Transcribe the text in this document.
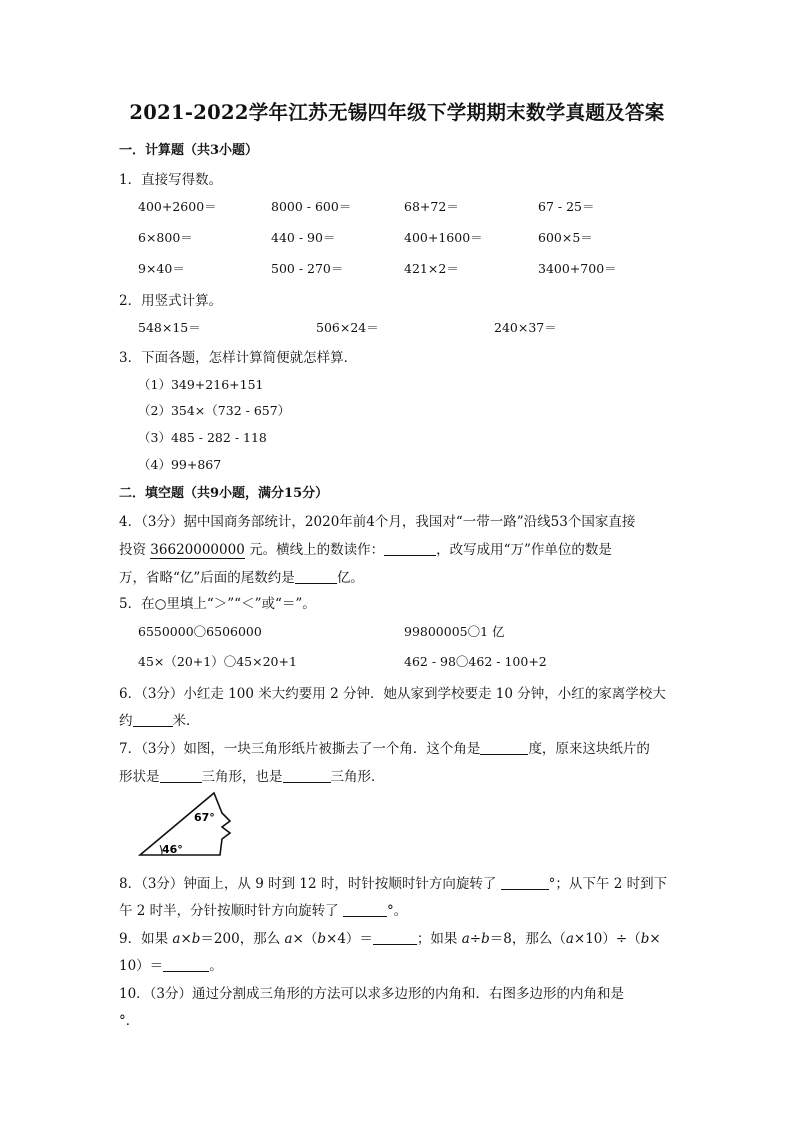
2021-2022学年江苏无锡四年级下学期期末数学真题及答案
一．计算题（共3小题）
1．直接写得数。
400+2600＝	8000 - 600＝	68+72＝	67 - 25＝
6×800＝	440 - 90＝	400+1600＝	600×5＝
9×40＝	500 - 270＝	421×2＝	3400+700＝
2．用竖式计算。
548×15＝	506×24＝	240×37＝
3．下面各题，怎样计算简便就怎样算．
（1）349+216+151
（2）354×（732 - 657）
（3）485 - 282 - 118
（4）99+867
二．填空题（共9小题，满分15分）
4．（3分）据中国商务部统计，2020年前4个月，我国对“一带一路”沿线53个国家直接
投资 36620000000 元。横线上的数读作：	，改写成用“万”作单位的数是
万，省略“亿”后面的尾数约是	亿。
5．在○里填上“＞”“＜”或“＝”。
6550000〇6506000	99800005〇1 亿
45×（20+1）〇45×20+1	462 - 98〇462 - 100+2
6．（3分）小红走 100 米大约要用 2 分钟．她从家到学校要走 10 分钟，小红的家离学校大
约	米．
7．（3分）如图，一块三角形纸片被撕去了一个角．这个角是	度，原来这块纸片的
形状是	三角形，也是	三角形．
67°
46°
8．（3分）钟面上，从 9 时到 12 时，时针按顺时针方向旋转了	°；从下午 2 时到下
午 2 时半，分针按顺时针方向旋转了	°。
9．如果 a×b＝200，那么 a×（b×4）＝	；如果 a÷b＝8，那么（a×10）÷（b×
10）＝	。
10．（3分）通过分割成三角形的方法可以求多边形的内角和．右图多边形的内角和是
°．
